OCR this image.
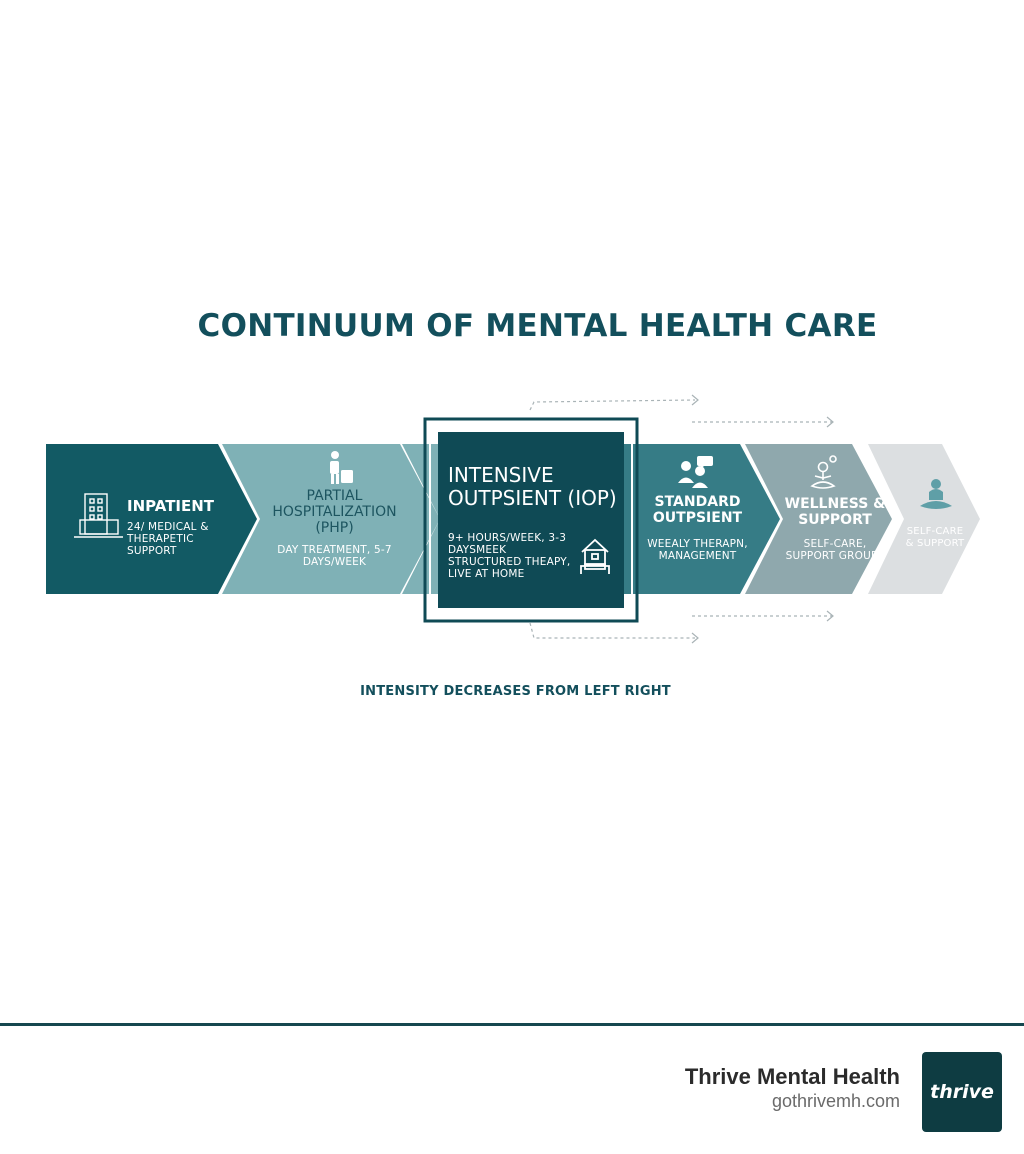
CONTINUUM OF MENTAL HEALTH CARE
INPATIENT
24/ MEDICAL & THERAPETIC SUPPORT
PARTIAL HOSPITALIZATION (PHP)
DAY TREATMENT, 5-7 DAYS/WEEK
INTENSIVE OUTPSIENT (IOP)
9+ HOURS/WEEK, 3-3 DAYSMEEK STRUCTURED THEAPY, LIVE AT HOME
STANDARD OUTPSIENT
WEEALY THERAPN, MANAGEMENT
WELLNESS & SUPPORT
SELF-CARE, SUPPORT GROUPS
SELF-CARE & SUPPORT
INTENSITY DECREASES FROM LEFT RIGHT
Thrive Mental Health
gothrivemh.com	thrive
